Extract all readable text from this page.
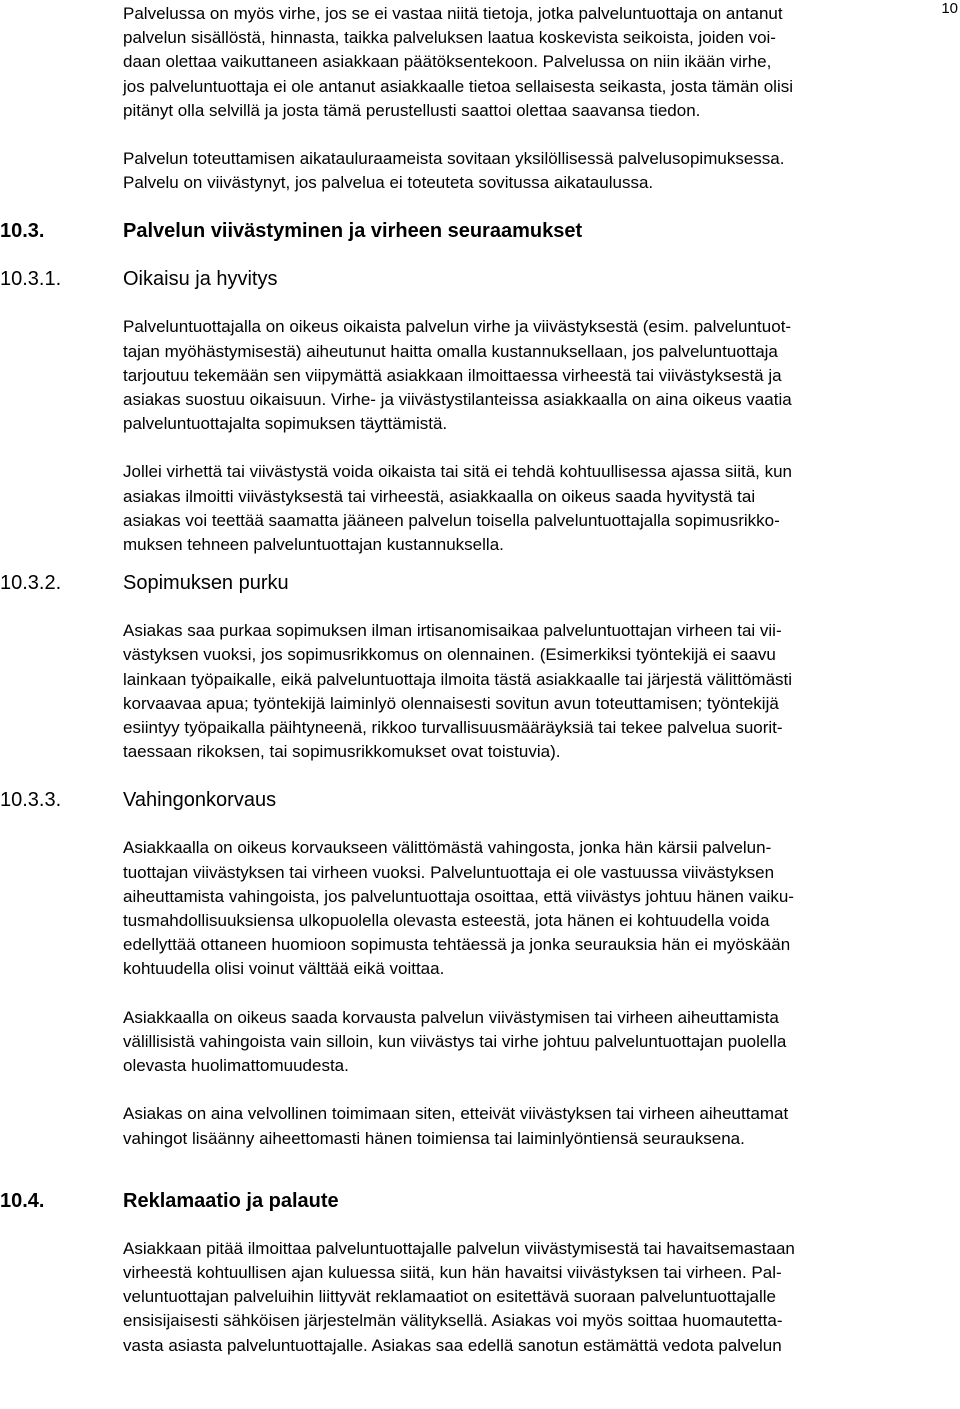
10

Palvelussa on myös virhe, jos se ei vastaa niitä tietoja, jotka palveluntuottaja on antanut

palvelun sisällöstä, hinnasta, taikka palveluksen laatua koskevista seikoista, joiden voi-

daan olettaa vaikuttaneen asiakkaan päätöksentekoon. Palvelussa on niin ikään virhe,

jos palveluntuottaja ei ole antanut asiakkaalle tietoa sellaisesta seikasta, josta tämän olisi

pitänyt olla selvillä ja josta tämä perustellusti saattoi olettaa saavansa tiedon.

Palvelun toteuttamisen aikatauluraameista sovitaan yksilöllisessä palvelusopimuksessa.

Palvelu on viivästynyt, jos palvelua ei toteuteta sovitussa aikataulussa.

10.3.	Palvelun viivästyminen ja virheen seuraamukset
10.3.1.	Oikaisu ja hyvitys

Palveluntuottajalla on oikeus oikaista palvelun virhe ja viivästyksestä (esim. palveluntuot-

tajan myöhästymisestä) aiheutunut haitta omalla kustannuksellaan, jos palveluntuottaja

tarjoutuu tekemään sen viipymättä asiakkaan ilmoittaessa virheestä tai viivästyksestä ja

asiakas suostuu oikaisuun. Virhe- ja viivästystilanteissa asiakkaalla on aina oikeus vaatia

palveluntuottajalta sopimuksen täyttämistä.

Jollei virhettä tai viivästystä voida oikaista tai sitä ei tehdä kohtuullisessa ajassa siitä, kun

asiakas ilmoitti viivästyksestä tai virheestä, asiakkaalla on oikeus saada hyvitystä tai

asiakas voi teettää saamatta jääneen palvelun toisella palveluntuottajalla sopimusrikko-

muksen tehneen palveluntuottajan kustannuksella.

10.3.2.	Sopimuksen purku

Asiakas saa purkaa sopimuksen ilman irtisanomisaikaa palveluntuottajan virheen tai vii-

västyksen vuoksi, jos sopimusrikkomus on olennainen. (Esimerkiksi työntekijä ei saavu

lainkaan työpaikalle, eikä palveluntuottaja ilmoita tästä asiakkaalle tai järjestä välittömästi

korvaavaa apua; työntekijä laiminlyö olennaisesti sovitun avun toteuttamisen; työntekijä

esiintyy työpaikalla päihtyneenä, rikkoo turvallisuusmääräyksiä tai tekee palvelua suorit-

taessaan rikoksen, tai sopimusrikkomukset ovat toistuvia).

10.3.3.	Vahingonkorvaus

Asiakkaalla on oikeus korvaukseen välittömästä vahingosta, jonka hän kärsii palvelun-

tuottajan viivästyksen tai virheen vuoksi. Palveluntuottaja ei ole vastuussa viivästyksen

aiheuttamista vahingoista, jos palveluntuottaja osoittaa, että viivästys johtuu hänen vaiku-

tusmahdollisuuksiensa ulkopuolella olevasta esteestä, jota hänen ei kohtuudella voida

edellyttää ottaneen huomioon sopimusta tehtäessä ja jonka seurauksia hän ei myöskään

kohtuudella olisi voinut välttää eikä voittaa.

Asiakkaalla on oikeus saada korvausta palvelun viivästymisen tai virheen aiheuttamista

välillisistä vahingoista vain silloin, kun viivästys tai virhe johtuu palveluntuottajan puolella

olevasta huolimattomuudesta.

Asiakas on aina velvollinen toimimaan siten, etteivät viivästyksen tai virheen aiheuttamat

vahingot lisäänny aiheettomasti hänen toimiensa tai laiminlyöntiensä seurauksena.

10.4.	Reklamaatio ja palaute

Asiakkaan pitää ilmoittaa palveluntuottajalle palvelun viivästymisestä tai havaitsemastaan

virheestä kohtuullisen ajan kuluessa siitä, kun hän havaitsi viivästyksen tai virheen. Pal-

veluntuottajan palveluihin liittyvät reklamaatiot on esitettävä suoraan palveluntuottajalle

ensisijaisesti sähköisen järjestelmän välityksellä. Asiakas voi myös soittaa huomautetta-

vasta asiasta palveluntuottajalle. Asiakas saa edellä sanotun estämättä vedota palvelun
